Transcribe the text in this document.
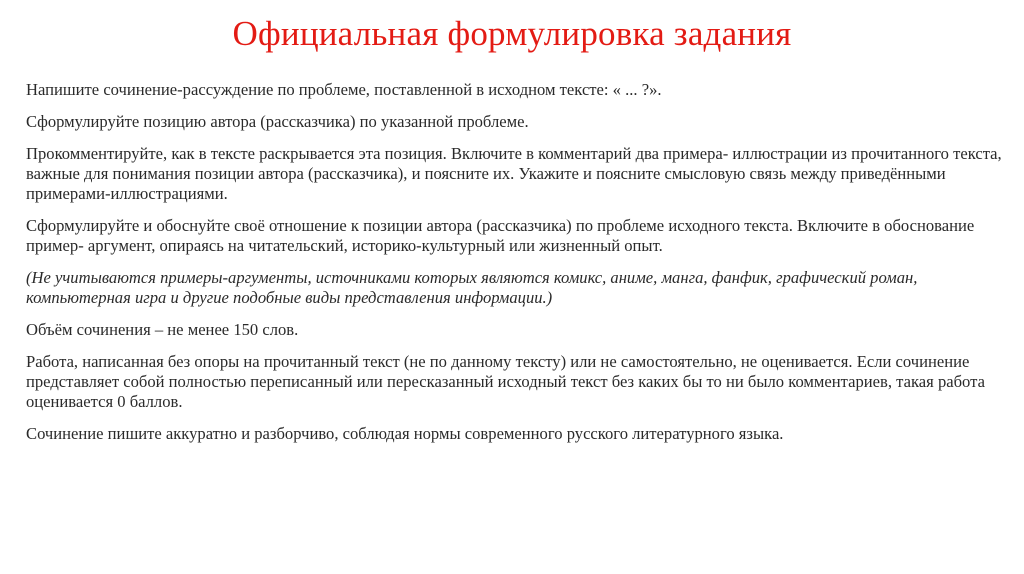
Официальная формулировка задания

Напишите сочинение-рассуждение по проблеме, поставленной в исходном тексте: « ... ?».

Сформулируйте позицию автора (рассказчика) по указанной проблеме.

Прокомментируйте, как в тексте раскрывается эта позиция. Включите в комментарий два примера- иллюстрации из прочитанного текста, важные для понимания позиции автора (рассказчика), и поясните их. Укажите и поясните смысловую связь между приведёнными примерами-иллюстрациями.

Сформулируйте и обоснуйте своё отношение к позиции автора (рассказчика) по проблеме исходного текста. Включите в обоснование пример- аргумент, опираясь на читательский, историко-культурный или жизненный опыт.

(Не учитываются примеры-аргументы, источниками которых являются комикс, аниме, манга, фанфик, графический роман, компьютерная игра и другие подобные виды представления информации.)

Объём сочинения – не менее 150 слов.

Работа, написанная без опоры на прочитанный текст (не по данному тексту) или не самостоятельно, не оценивается. Если сочинение представляет собой полностью переписанный или пересказанный исходный текст без каких бы то ни было комментариев, такая работа оценивается 0 баллов.

Сочинение пишите аккуратно и разборчиво, соблюдая нормы современного русского литературного языка.
